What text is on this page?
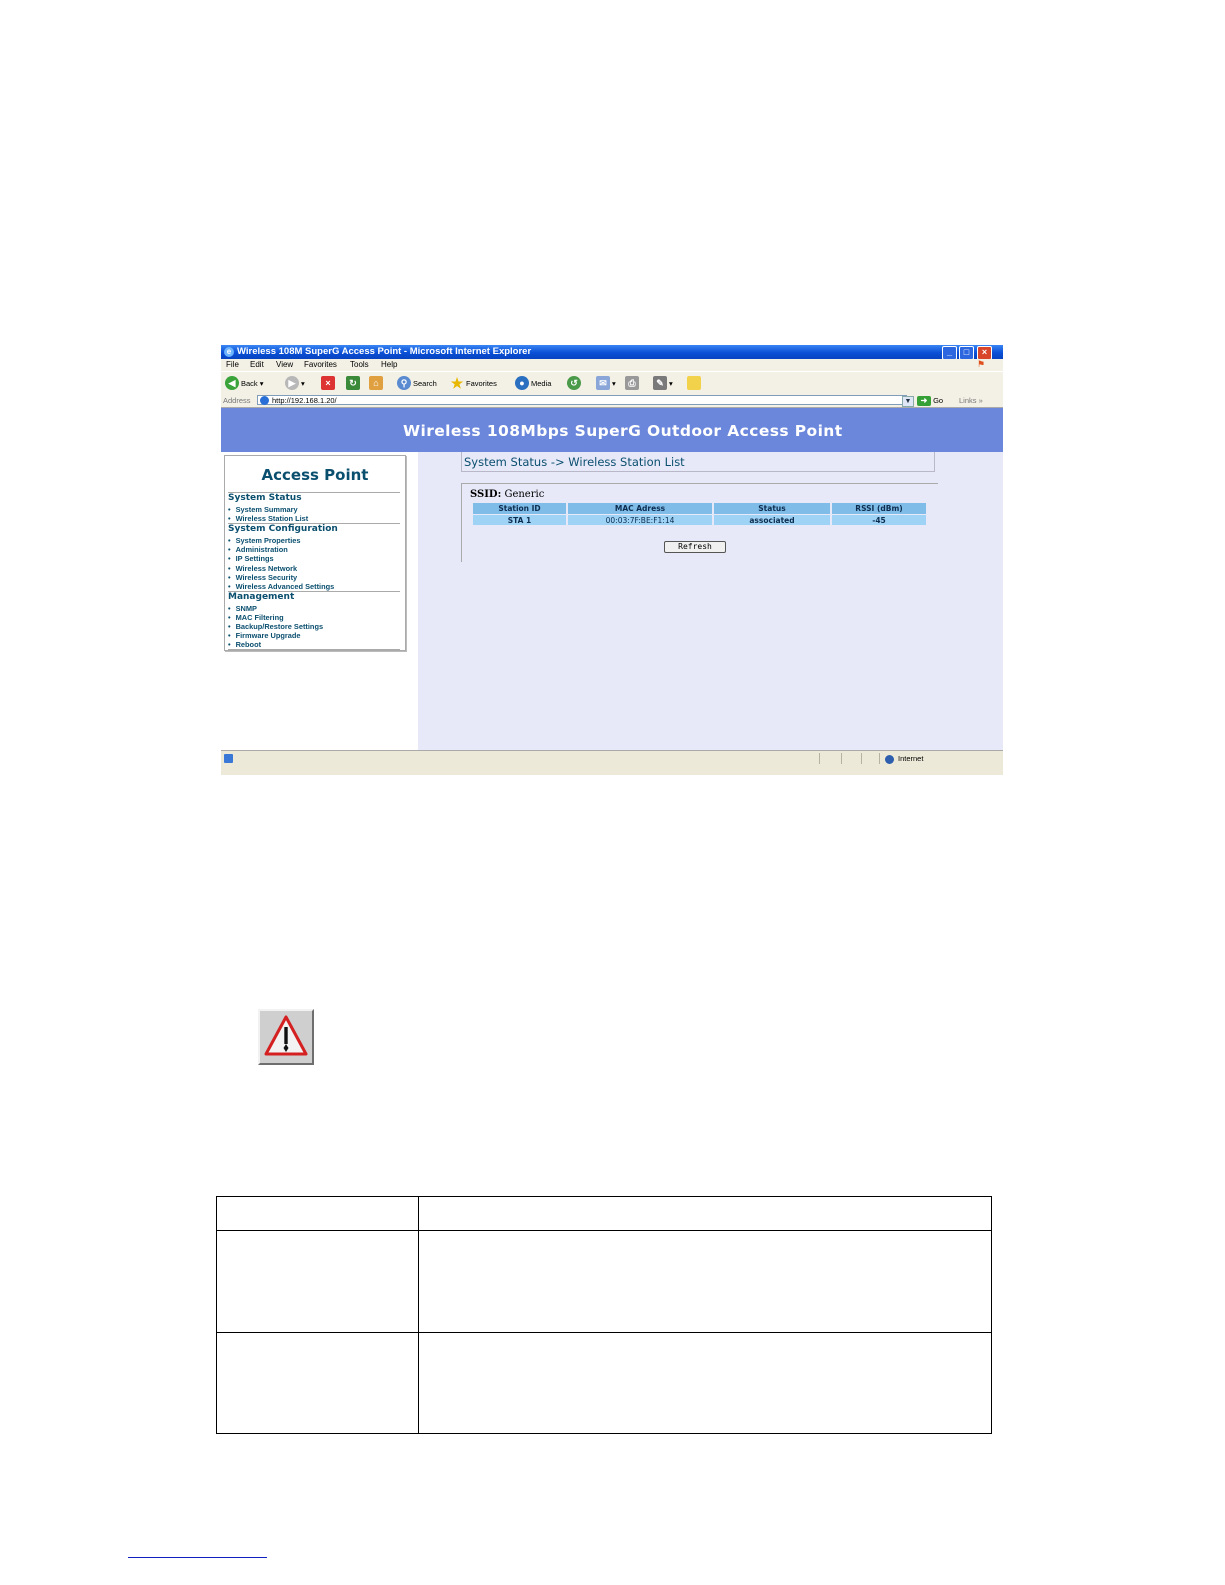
e Wireless 108M SuperG Access Point - Microsoft Internet Explorer	_	□	×
File Edit View Favorites Tools Help	⚑
◀ Back ▾	▶ ▾	×	↻	⌂	⚲ Search ★ Favorites	● Media	↺	✉ ▾	⎙	✎ ▾
Address	http://192.168.1.20/	▼	➜ Go Links »
Wireless 108Mbps SuperG Outdoor Access Point
Access Point
System Status
• System Summary
• Wireless Station List
System Configuration
• System Properties
• Administration
• IP Settings
• Wireless Network
• Wireless Security
• Wireless Advanced Settings
Management
• SNMP
• MAC Filtering
• Backup/Restore Settings
• Firmware Upgrade
• Reboot
System Status -> Wireless Station List
SSID: Generic
Station ID	MAC Adress	Status	RSSI (dBm)
STA 1	00:03:7F:BE:F1:14	associated	-45
Refresh
Internet
